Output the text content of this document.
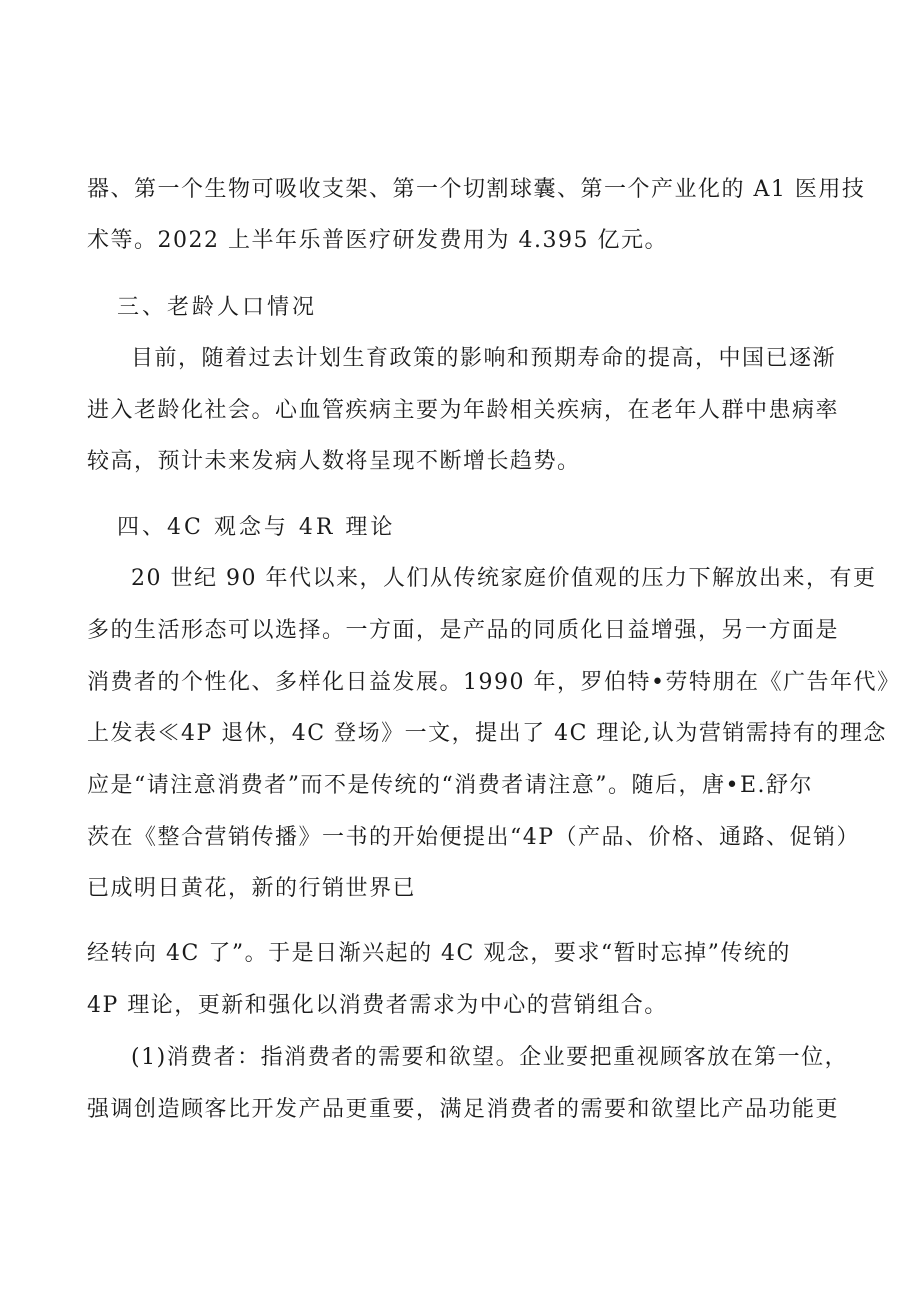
器、第一个生物可吸收支架、第一个切割球囊、第一个产业化的 A1 医用技
术等。2022 上半年乐普医疗研发费用为 4.395 亿元。
三、老龄人口情况
目前，随着过去计划生育政策的影响和预期寿命的提高，中国已逐渐
进入老龄化社会。心血管疾病主要为年龄相关疾病，在老年人群中患病率
较高，预计未来发病人数将呈现不断增长趋势。
四、4C 观念与 4R 理论
20 世纪 90 年代以来，人们从传统家庭价值观的压力下解放出来，有更
多的生活形态可以选择。一方面，是产品的同质化日益增强，另一方面是
消费者的个性化、多样化日益发展。1990 年，罗伯特•劳特朋在《广告年代》
上发表≪4P 退休，4C 登场》一文，提出了 4C 理论,认为营销需持有的理念
应是“请注意消费者”而不是传统的“消费者请注意”。随后，唐•E.舒尔
茨在《整合营销传播》一书的开始便提出“4P（产品、价格、通路、促销）
已成明日黄花，新的行销世界已
经转向 4C 了”。于是日渐兴起的 4C 观念，要求“暂时忘掉”传统的
4P 理论，更新和强化以消费者需求为中心的营销组合。
(1)消费者：指消费者的需要和欲望。企业要把重视顾客放在第一位，
强调创造顾客比开发产品更重要，满足消费者的需要和欲望比产品功能更
